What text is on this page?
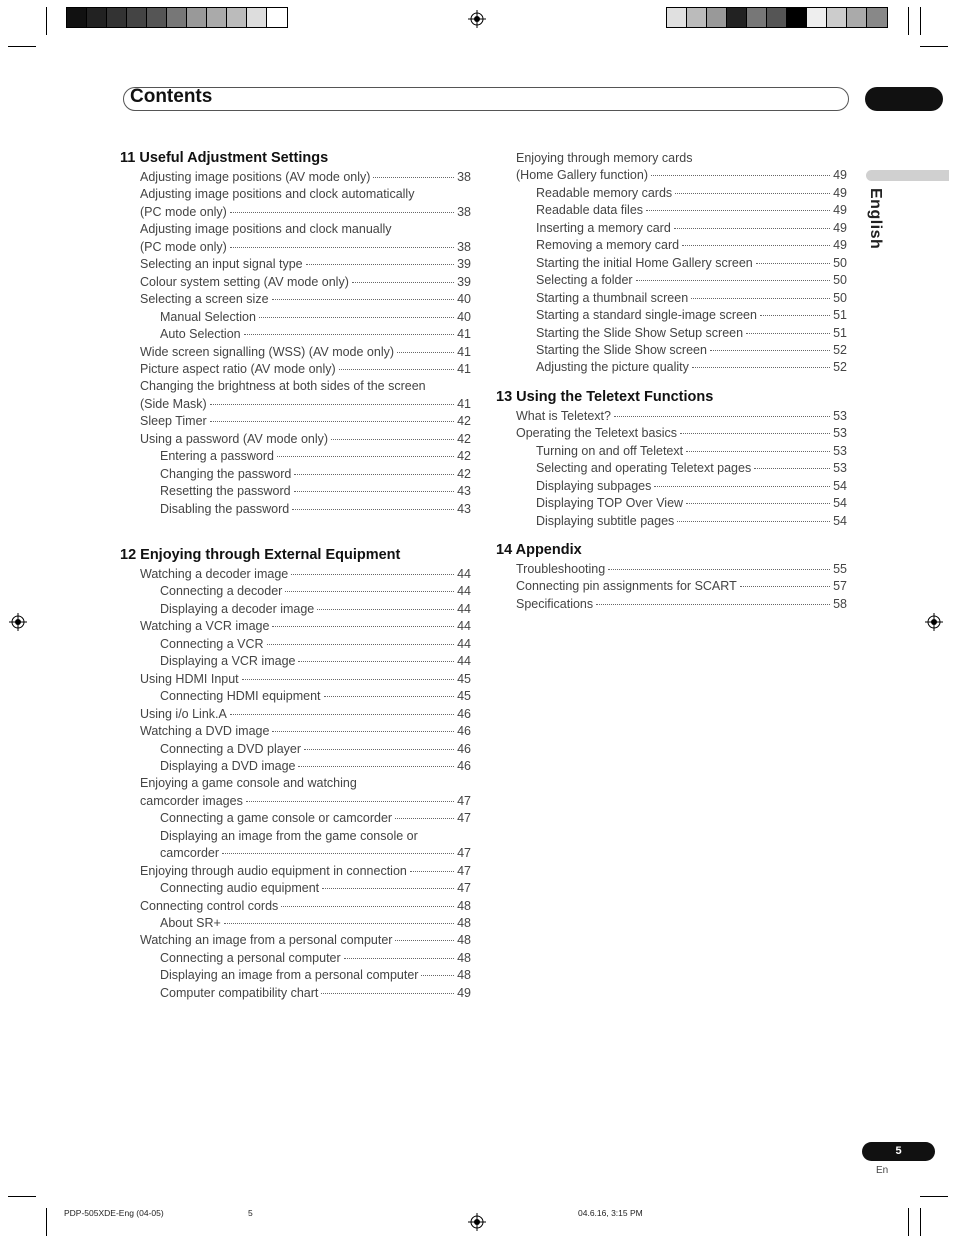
Contents
English
11 Useful Adjustment Settings
Adjusting image positions (AV mode only)	38
Adjusting image positions and clock automatically
(PC mode only)	38
Adjusting image positions and clock manually
(PC mode only)	38
Selecting an input signal type	39
Colour system setting (AV mode only)	39
Selecting a screen size	40
Manual Selection	40
Auto Selection	41
Wide screen signalling (WSS) (AV mode only)	41
Picture aspect ratio (AV mode only)	41
Changing the brightness at both sides of the screen
(Side Mask)	41
Sleep Timer	42
Using a password (AV mode only)	42
Entering a password	42
Changing the password	42
Resetting the password	43
Disabling the password	43
12 Enjoying through External Equipment
Watching a decoder image	44
Connecting a decoder	44
Displaying a decoder image	44
Watching a VCR image	44
Connecting a VCR	44
Displaying a VCR image	44
Using HDMI Input	45
Connecting HDMI equipment	45
Using i/o Link.A	46
Watching a DVD image	46
Connecting a DVD player	46
Displaying a DVD image	46
Enjoying a game console and watching
camcorder images	47
Connecting a game console or camcorder	47
Displaying an image from the game console or
camcorder	47
Enjoying through audio equipment in connection	47
Connecting audio equipment	47
Connecting control cords	48
About SR+	48
Watching an image from a personal computer	48
Connecting a personal computer	48
Displaying an image from a personal computer	48
Computer compatibility chart	49
Enjoying through memory cards
(Home Gallery function)	49
Readable memory cards	49
Readable data files	49
Inserting a memory card	49
Removing a memory card	49
Starting the initial Home Gallery screen	50
Selecting a folder	50
Starting a thumbnail screen	50
Starting a standard single-image screen	51
Starting the Slide Show Setup screen	51
Starting the Slide Show screen	52
Adjusting the picture quality	52
13 Using the Teletext Functions
What is Teletext?	53
Operating the Teletext basics	53
Turning on and off Teletext	53
Selecting and operating Teletext pages	53
Displaying subpages	54
Displaying TOP Over View	54
Displaying subtitle pages	54
14 Appendix
Troubleshooting	55
Connecting pin assignments for SCART	57
Specifications	58
5
En
PDP-505XDE-Eng (04-05)	5	04.6.16, 3:15 PM
